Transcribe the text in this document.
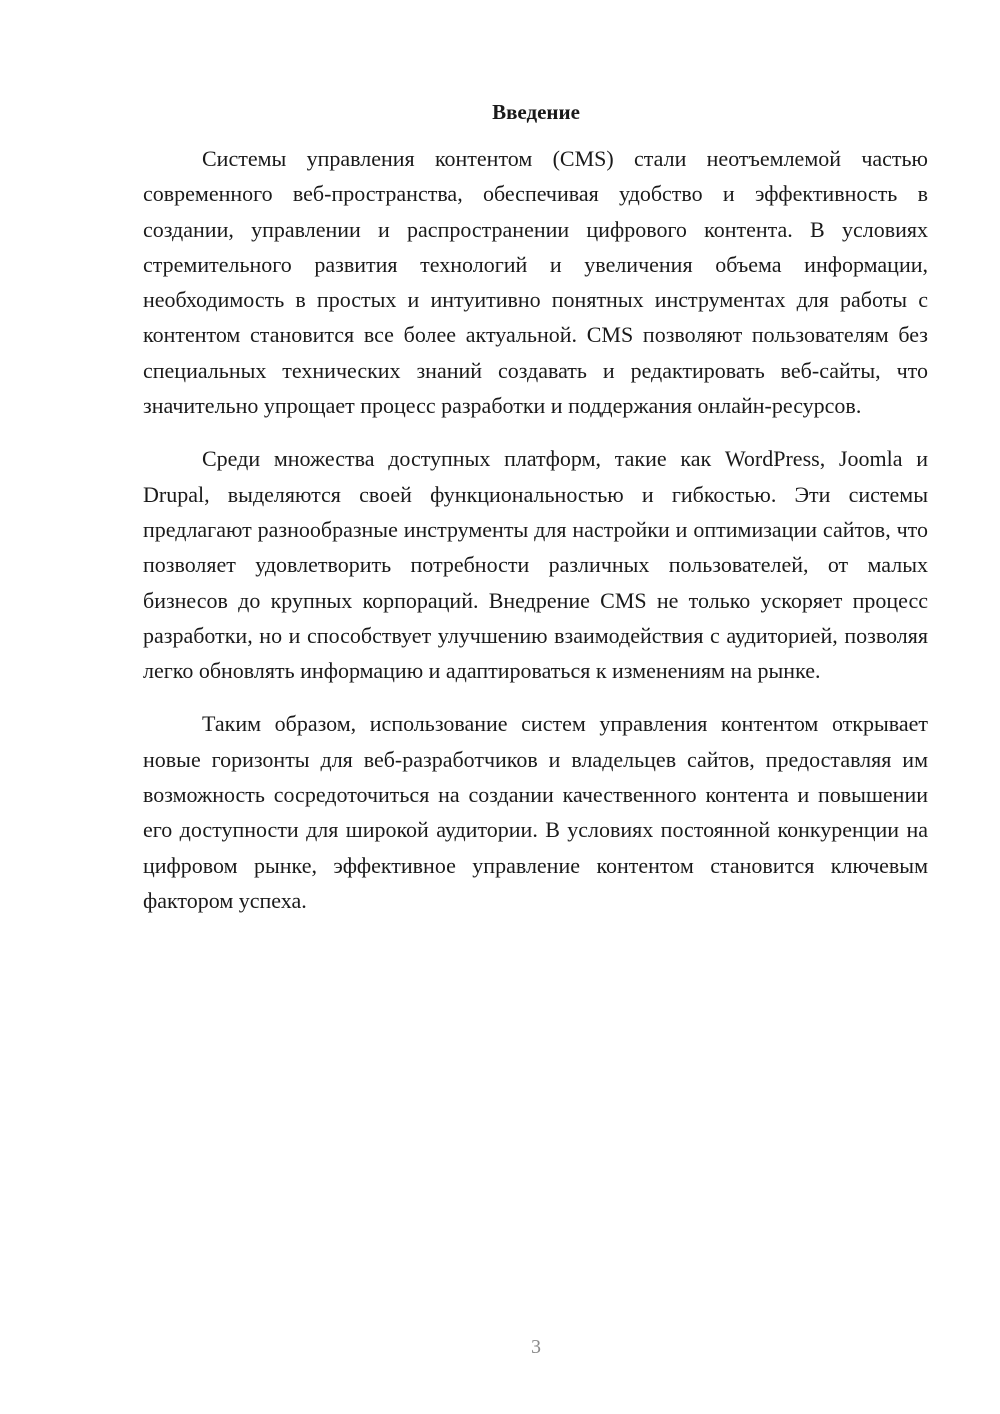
Введение

Системы управления контентом (CMS) стали неотъемлемой частью современного веб-пространства, обеспечивая удобство и эффективность в создании, управлении и распространении цифрового контента. В условиях стремительного развития технологий и увеличения объема информации, необходимость в простых и интуитивно понятных инструментах для работы с контентом становится все более актуальной. CMS позволяют пользователям без специальных технических знаний создавать и редактировать веб-сайты, что значительно упрощает процесс разработки и поддержания онлайн-ресурсов.

Среди множества доступных платформ, такие как WordPress, Joomla и Drupal, выделяются своей функциональностью и гибкостью. Эти системы предлагают разнообразные инструменты для настройки и оптимизации сайтов, что позволяет удовлетворить потребности различных пользователей, от малых бизнесов до крупных корпораций. Внедрение CMS не только ускоряет процесс разработки, но и способствует улучшению взаимодействия с аудиторией, позволяя легко обновлять информацию и адаптироваться к изменениям на рынке.

Таким образом, использование систем управления контентом открывает новые горизонты для веб-разработчиков и владельцев сайтов, предоставляя им возможность сосредоточиться на создании качественного контента и повышении его доступности для широкой аудитории. В условиях постоянной конкуренции на цифровом рынке, эффективное управление контентом становится ключевым фактором успеха.

3
